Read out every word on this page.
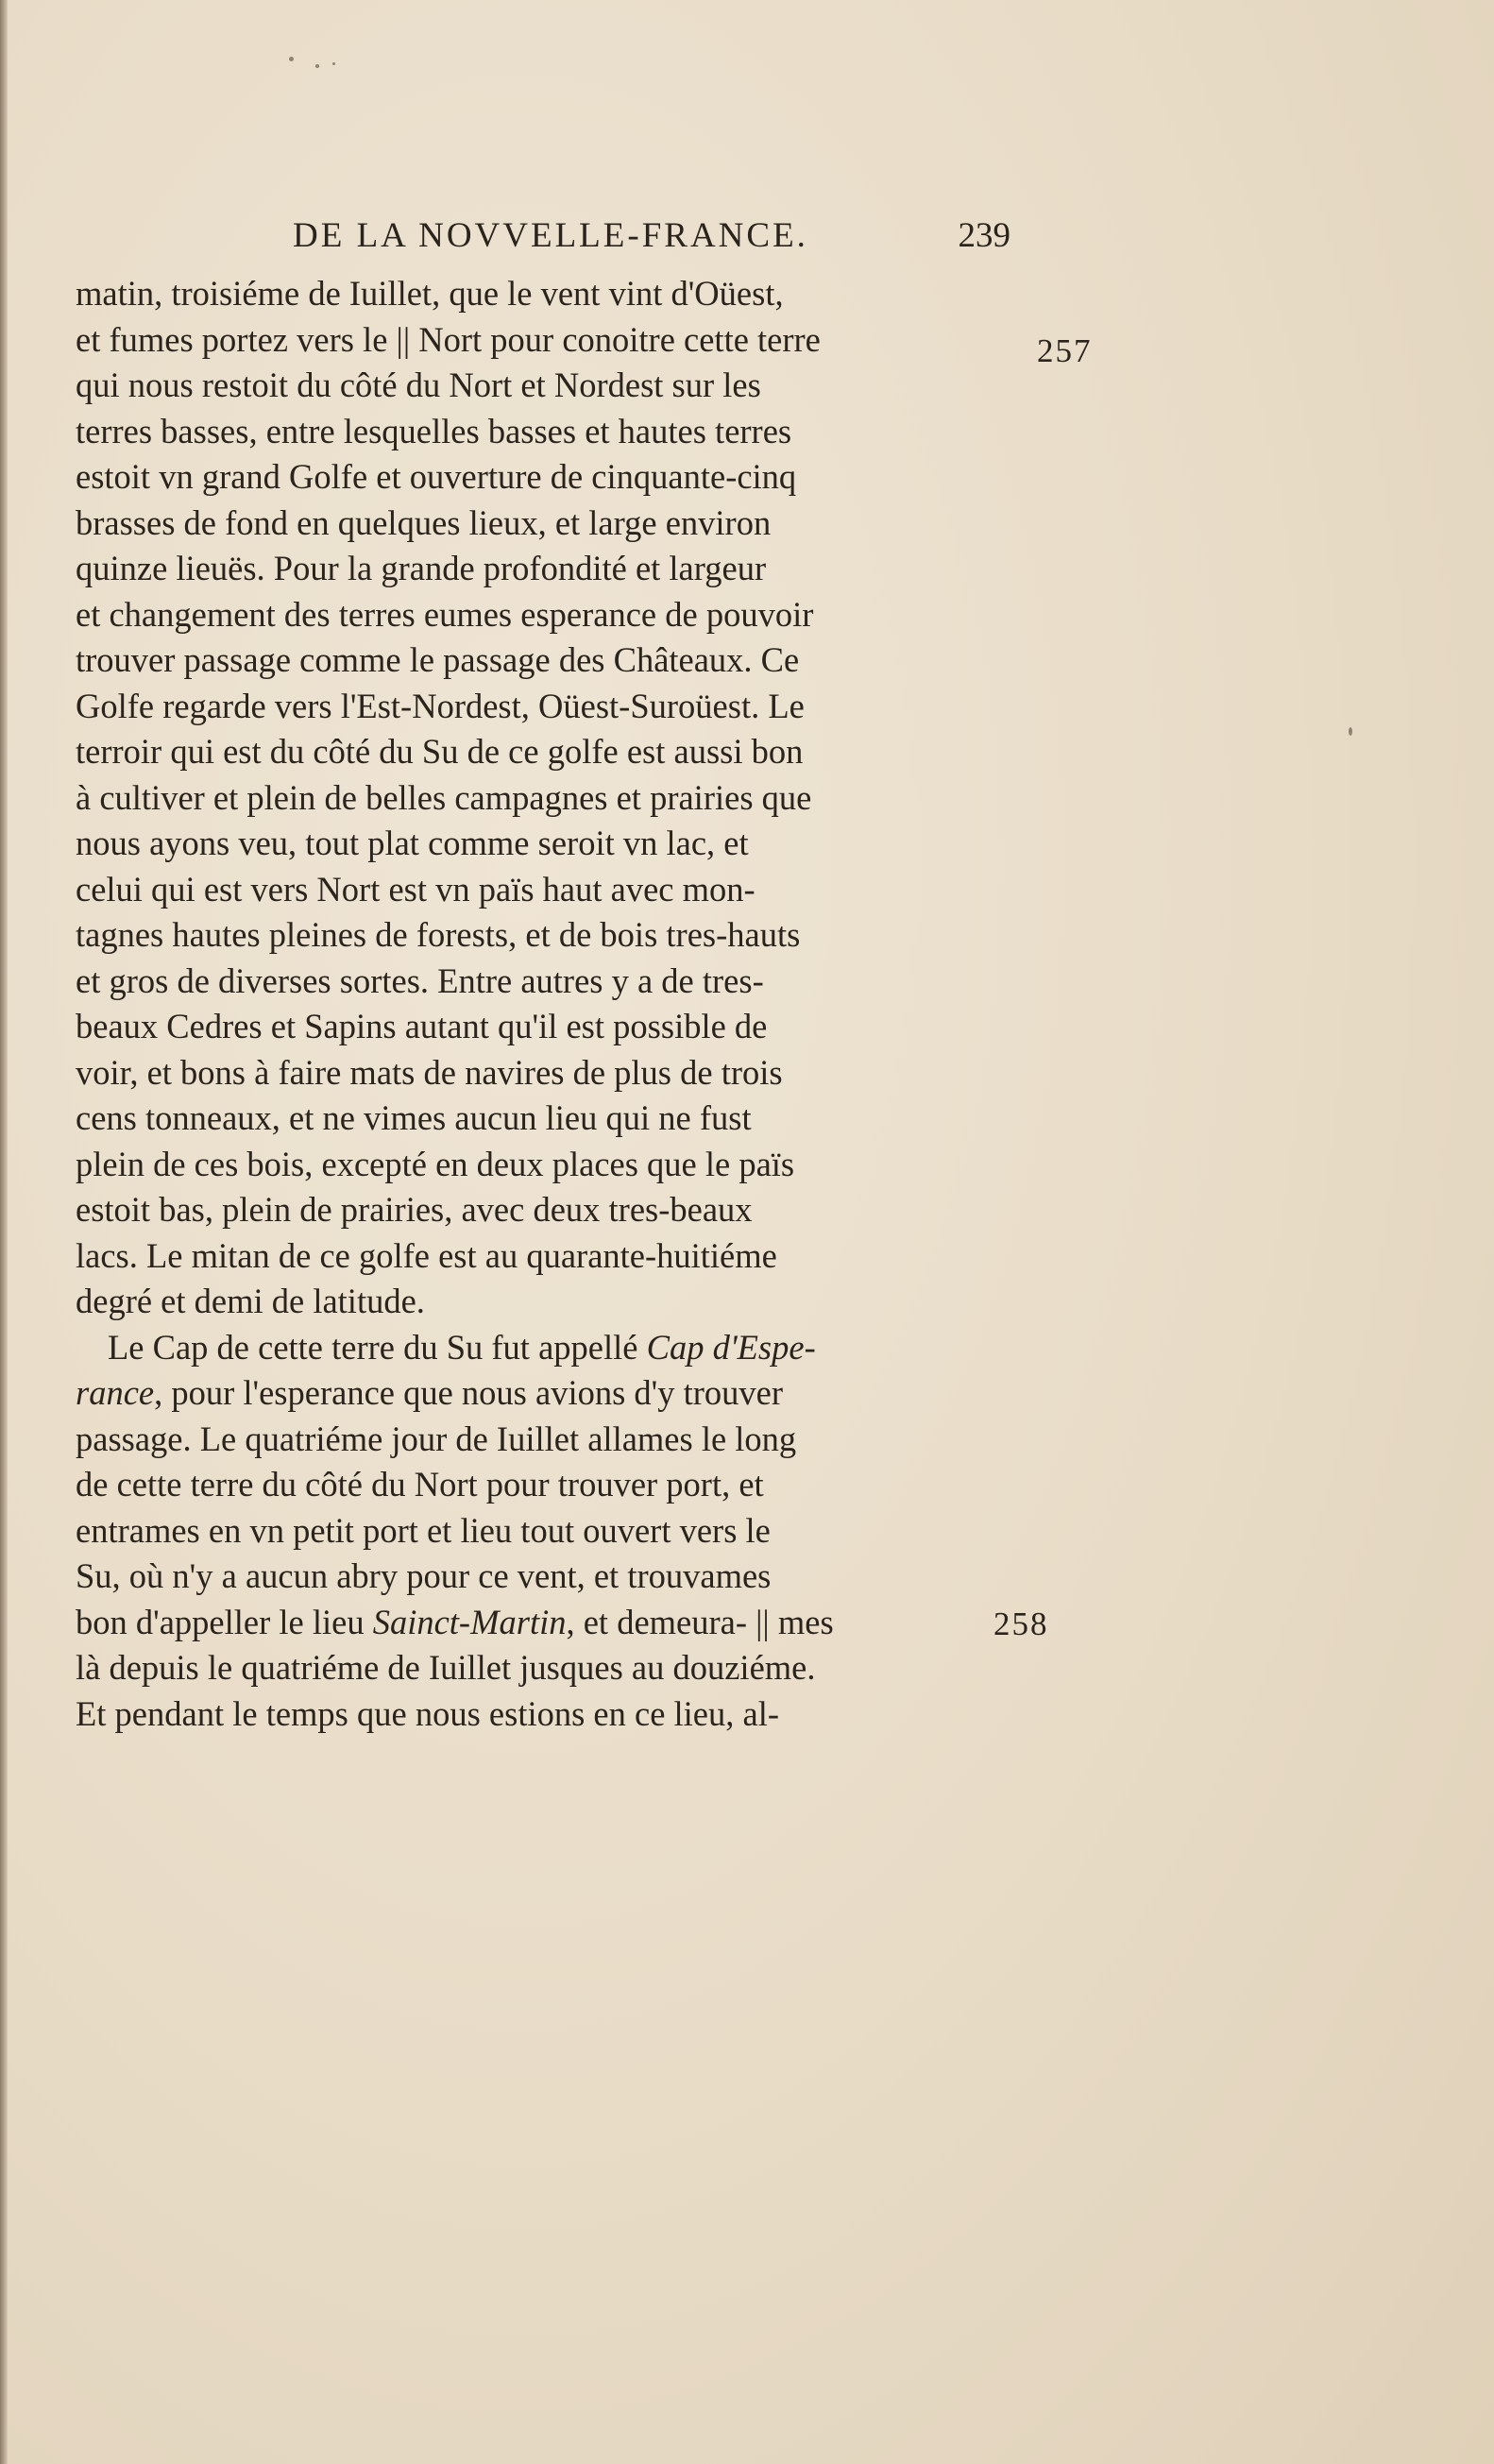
DE LA NOVVELLE-FRANCE.	239
matin, troisiéme de Iuillet, que le vent vint d'Oüest,
et fumes portez vers le || Nort pour conoitre cette terre
qui nous restoit du côté du Nort et Nordest sur les
terres basses, entre lesquelles basses et hautes terres
estoit vn grand Golfe et ouverture de cinquante-cinq
brasses de fond en quelques lieux, et large environ
quinze lieuës. Pour la grande profondité et largeur
et changement des terres eumes esperance de pouvoir
trouver passage comme le passage des Châteaux. Ce
Golfe regarde vers l'Est-Nordest, Oüest-Suroüest. Le
terroir qui est du côté du Su de ce golfe est aussi bon
à cultiver et plein de belles campagnes et prairies que
nous ayons veu, tout plat comme seroit vn lac, et
celui qui est vers Nort est vn païs haut avec mon-
tagnes hautes pleines de forests, et de bois tres-hauts
et gros de diverses sortes. Entre autres y a de tres-
beaux Cedres et Sapins autant qu'il est possible de
voir, et bons à faire mats de navires de plus de trois
cens tonneaux, et ne vimes aucun lieu qui ne fust
plein de ces bois, excepté en deux places que le païs
estoit bas, plein de prairies, avec deux tres-beaux
lacs. Le mitan de ce golfe est au quarante-huitiéme
degré et demi de latitude.
Le Cap de cette terre du Su fut appellé Cap d'Espe-
rance, pour l'esperance que nous avions d'y trouver
passage. Le quatriéme jour de Iuillet allames le long
de cette terre du côté du Nort pour trouver port, et
entrames en vn petit port et lieu tout ouvert vers le
Su, où n'y a aucun abry pour ce vent, et trouvames
bon d'appeller le lieu Sainct-Martin, et demeura- || mes
là depuis le quatriéme de Iuillet jusques au douziéme.
Et pendant le temps que nous estions en ce lieu, al-
257
258
